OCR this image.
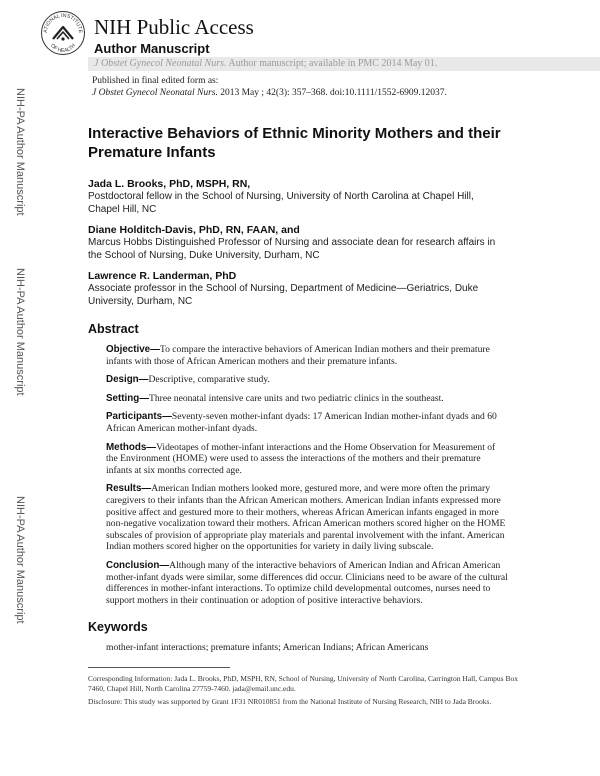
NIH-PA Author Manuscript
NIH-PA Author Manuscript
NIH-PA Author Manuscript
ATIONAL INSTITUTE
OF HEALTH
NIH Public Access
Author Manuscript
J Obstet Gynecol Neonatal Nurs. Author manuscript; available in PMC 2014 May 01.
Published in final edited form as:
J Obstet Gynecol Neonatal Nurs. 2013 May ; 42(3): 357–368. doi:10.1111/1552-6909.12037.
Interactive Behaviors of Ethnic Minority Mothers and their Premature Infants
Jada L. Brooks, PhD, MSPH, RN,
Postdoctoral fellow in the School of Nursing, University of North Carolina at Chapel Hill, Chapel Hill, NC
Diane Holditch-Davis, PhD, RN, FAAN, and
Marcus Hobbs Distinguished Professor of Nursing and associate dean for research affairs in the School of Nursing, Duke University, Durham, NC
Lawrence R. Landerman, PhD
Associate professor in the School of Nursing, Department of Medicine—Geriatrics, Duke University, Durham, NC
Abstract

Objective—To compare the interactive behaviors of American Indian mothers and their premature infants with those of African American mothers and their premature infants.

Design—Descriptive, comparative study.

Setting—Three neonatal intensive care units and two pediatric clinics in the southeast.

Participants—Seventy-seven mother-infant dyads: 17 American Indian mother-infant dyads and 60 African American mother-infant dyads.

Methods—Videotapes of mother-infant interactions and the Home Observation for Measurement of the Environment (HOME) were used to assess the interactions of the mothers and their premature infants at six months corrected age.

Results—American Indian mothers looked more, gestured more, and were more often the primary caregivers to their infants than the African American mothers. American Indian infants expressed more positive affect and gestured more to their mothers, whereas African American infants engaged in more non-negative vocalization toward their mothers. African American mothers scored higher on the HOME subscales of provision of appropriate play materials and parental involvement with the infant. American Indian mothers scored higher on the opportunities for variety in daily living subscale.

Conclusion—Although many of the interactive behaviors of American Indian and African American mother-infant dyads were similar, some differences did occur. Clinicians need to be aware of the cultural differences in mother-infant interactions. To optimize child developmental outcomes, nurses need to support mothers in their continuation or adoption of positive interactive behaviors.

Keywords
mother-infant interactions; premature infants; American Indians; African Americans
Corresponding Information: Jada L. Brooks, PhD, MSPH, RN, School of Nursing, University of North Carolina, Carrington Hall, Campus Box 7460, Chapel Hill, North Carolina 27759-7460. jada@email.unc.edu.
Disclosure: This study was supported by Grant 1F31 NR010851 from the National Institute of Nursing Research, NIH to Jada Brooks.
